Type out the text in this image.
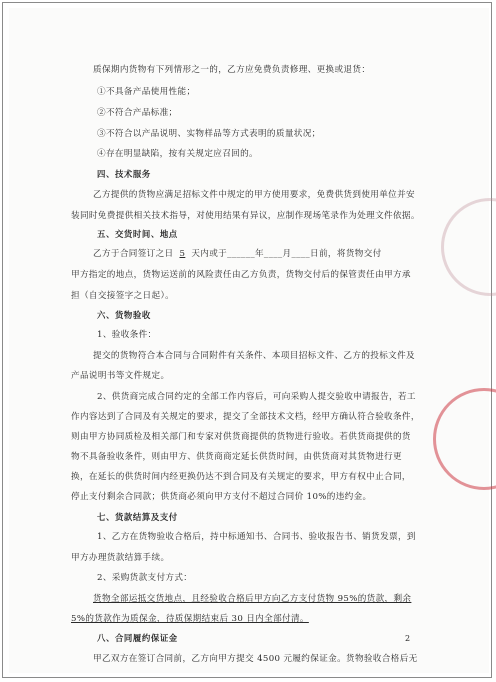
质保期内货物有下列情形之一的，乙方应免费负责修理、更换或退货：
①不具备产品使用性能；
②不符合产品标准；
③不符合以产品说明、实物样品等方式表明的质量状况；
④存在明显缺陷，按有关规定应召回的。
四、技术服务
乙方提供的货物应满足招标文件中规定的甲方使用要求，免费供货到使用单位并安
装同时免费提供相关技术指导，对使用结果有异议，应制作现场笔录作为处理文件依据。
五、交货时间、地点
乙方于合同签订之日 5 天内或于______年____月____日前，将货物交付
甲方指定的地点，货物运送前的风险责任由乙方负责，货物交付后的保管责任由甲方承
担（自交接签字之日起）。
六、货物验收
1、验收条件：
提交的货物符合本合同与合同附件有关条件、本项目招标文件、乙方的投标文件及
产品说明书等文件规定。
2、供货商完成合同约定的全部工作内容后，可向采购人提交验收申请报告，若工
作内容达到了合同及有关规定的要求，提交了全部技术文档，经甲方确认符合验收条件，
则由甲方协同质检及相关部门和专家对供货商提供的货物进行验收。若供货商提供的货
物不具备验收条件，则由甲方、供货商商定延长供货时间，由供货商对其货物进行更
换，在延长的供货时间内经更换仍达不到合同及有关规定的要求，甲方有权中止合同，
停止支付剩余合同款；供货商必须向甲方支付不超过合同价 10%的违约金。
七、货款结算及支付
1、乙方在货物验收合格后，持中标通知书、合同书、验收报告书、销货发票，到
甲方办理货款结算手续。
2、采购货款支付方式：
货物全部运抵交货地点，且经验收合格后甲方向乙方支付货物 95%的货款，剩余
5%的货款作为质保金，待质保期结束后 30 日内全部付清。
八、合同履约保证金
甲乙双方在签订合同前，乙方向甲方提交 4500 元履约保证金。货物验收合格后无
2
